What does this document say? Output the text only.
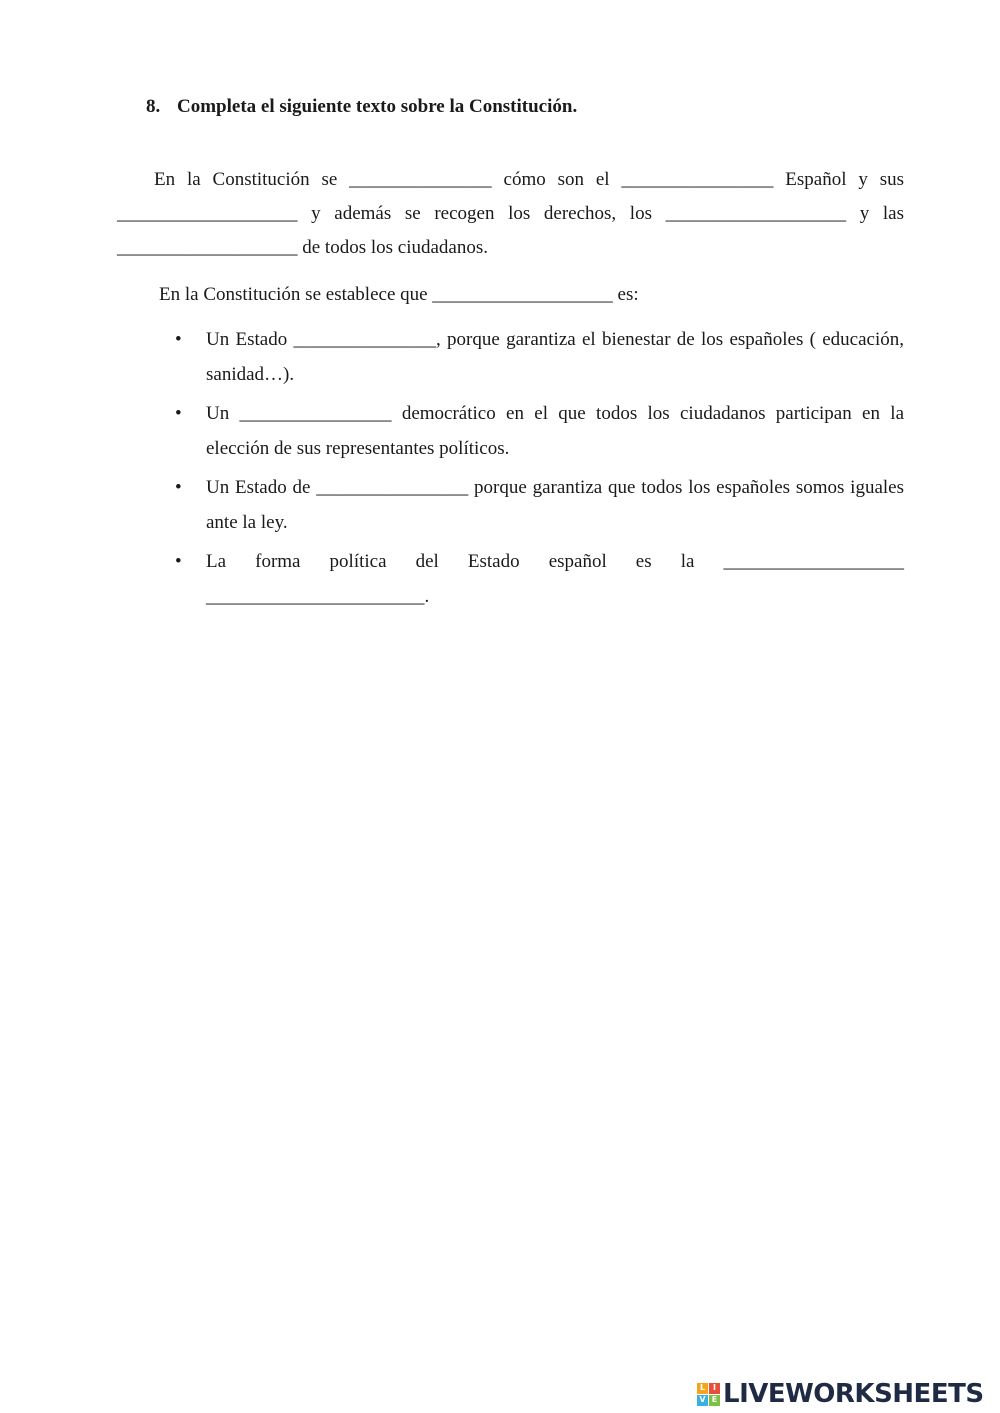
8. Completa el siguiente texto sobre la Constitución.
En la Constitución se _______________ cómo son el ________________ Español y sus ___________________ y además se recogen los derechos, los ___________________ y las ___________________ de todos los ciudadanos.
En la Constitución se establece que ___________________ es:
• Un Estado _______________, porque garantiza el bienestar de los españoles ( educación, sanidad…).
• Un ________________ democrático en el que todos los ciudadanos participan en la elección de sus representantes políticos.
• Un Estado de ________________ porque garantiza que todos los españoles somos iguales ante la ley.
• La forma política del Estado español es la ___________________ _______________________.
L I
V E LIVEWORKSHEETS
